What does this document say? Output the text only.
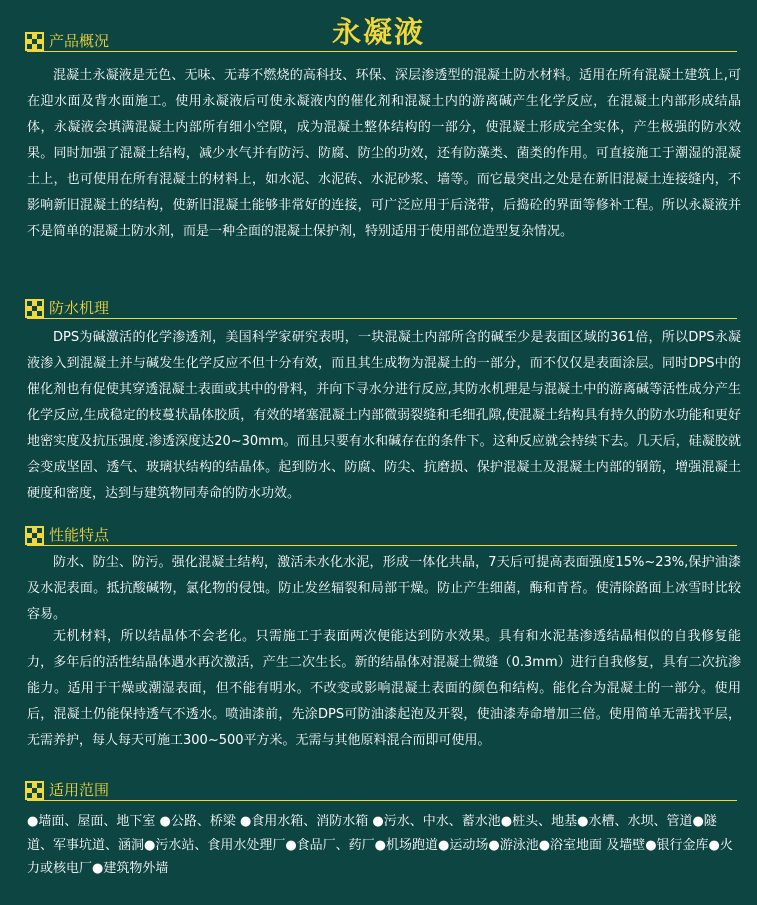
永凝液
产品概况

混凝土永凝液是无色、无味、无毒不燃烧的高科技、环保、深层渗透型的混凝土防水材料。适用在所有混凝土建筑上,可在迎水面及背水面施工。使用永凝液后可使永凝液内的催化剂和混凝土内的游离碱产生化学反应，在混凝土内部形成结晶体，永凝液会填满混凝土内部所有细小空隙，成为混凝土整体结构的一部分，使混凝土形成完全实体，产生极强的防水效果。同时加强了混凝土结构，减少水气并有防污、防腐、防尘的功效，还有防藻类、菌类的作用。可直接施工于潮湿的混凝土上，也可使用在所有混凝土的材料上，如水泥、水泥砖、水泥砂浆、墙等。而它最突出之处是在新旧混凝土连接缝内，不影响新旧混凝土的结构，使新旧混凝土能够非常好的连接，可广泛应用于后浇带，后捣砼的界面等修补工程。所以永凝液并不是简单的混凝土防水剂，而是一种全面的混凝土保护剂，特别适用于使用部位造型复杂情况。

防水机理

DPS为碱激活的化学渗透剂，美国科学家研究表明，一块混凝土内部所含的碱至少是表面区域的361倍，所以DPS永凝液渗入到混凝土并与碱发生化学反应不但十分有效，而且其生成物为混凝土的一部分，而不仅仅是表面涂层。同时DPS中的催化剂也有促使其穿透混凝土表面或其中的骨料，并向下寻水分进行反应,其防水机理是与混凝土中的游离碱等活性成分产生化学反应,生成稳定的枝蔓状晶体胶质，有效的堵塞混凝土内部微弱裂缝和毛细孔隙,使混凝土结构具有持久的防水功能和更好地密实度及抗压强度.渗透深度达20~30mm。而且只要有水和碱存在的条件下。这种反应就会持续下去。几天后，硅凝胶就会变成坚固、透气、玻璃状结构的结晶体。起到防水、防腐、防尖、抗磨损、保护混凝土及混凝土内部的钢筋，增强混凝土硬度和密度，达到与建筑物同寿命的防水功效。

性能特点

防水、防尘、防污。强化混凝土结构，激活未水化水泥，形成一体化共晶，7天后可提高表面强度15%~23%,保护油漆及水泥表面。抵抗酸碱物，氯化物的侵蚀。防止发丝辐裂和局部干燥。防止产生细菌，酶和青苔。使清除路面上冰雪时比较容易。

无机材料，所以结晶体不会老化。只需施工于表面两次便能达到防水效果。具有和水泥基渗透结晶相似的自我修复能力，多年后的活性结晶体遇水再次激活，产生二次生长。新的结晶体对混凝土微缝（0.3mm）进行自我修复，具有二次抗渗能力。适用于干燥或潮湿表面，但不能有明水。不改变或影响混凝土表面的颜色和结构。能化合为混凝土的一部分。使用后，混凝土仍能保持透气不透水。喷油漆前，先涂DPS可防油漆起泡及开裂，使油漆寿命增加三倍。使用简单无需找平层，无需养护，每人每天可施工300~500平方米。无需与其他原料混合而即可使用。

适用范围

●墙面、屋面、地下室 ●公路、桥梁 ●食用水箱、消防水箱 ●污水、中水、蓄水池●桩头、地基●水槽、水坝、管道●隧道、军事坑道、涵洞●污水站、食用水处理厂●食品厂、药厂●机场跑道●运动场●游泳池●浴室地面 及墙壁●银行金库●火力或核电厂●建筑物外墙
